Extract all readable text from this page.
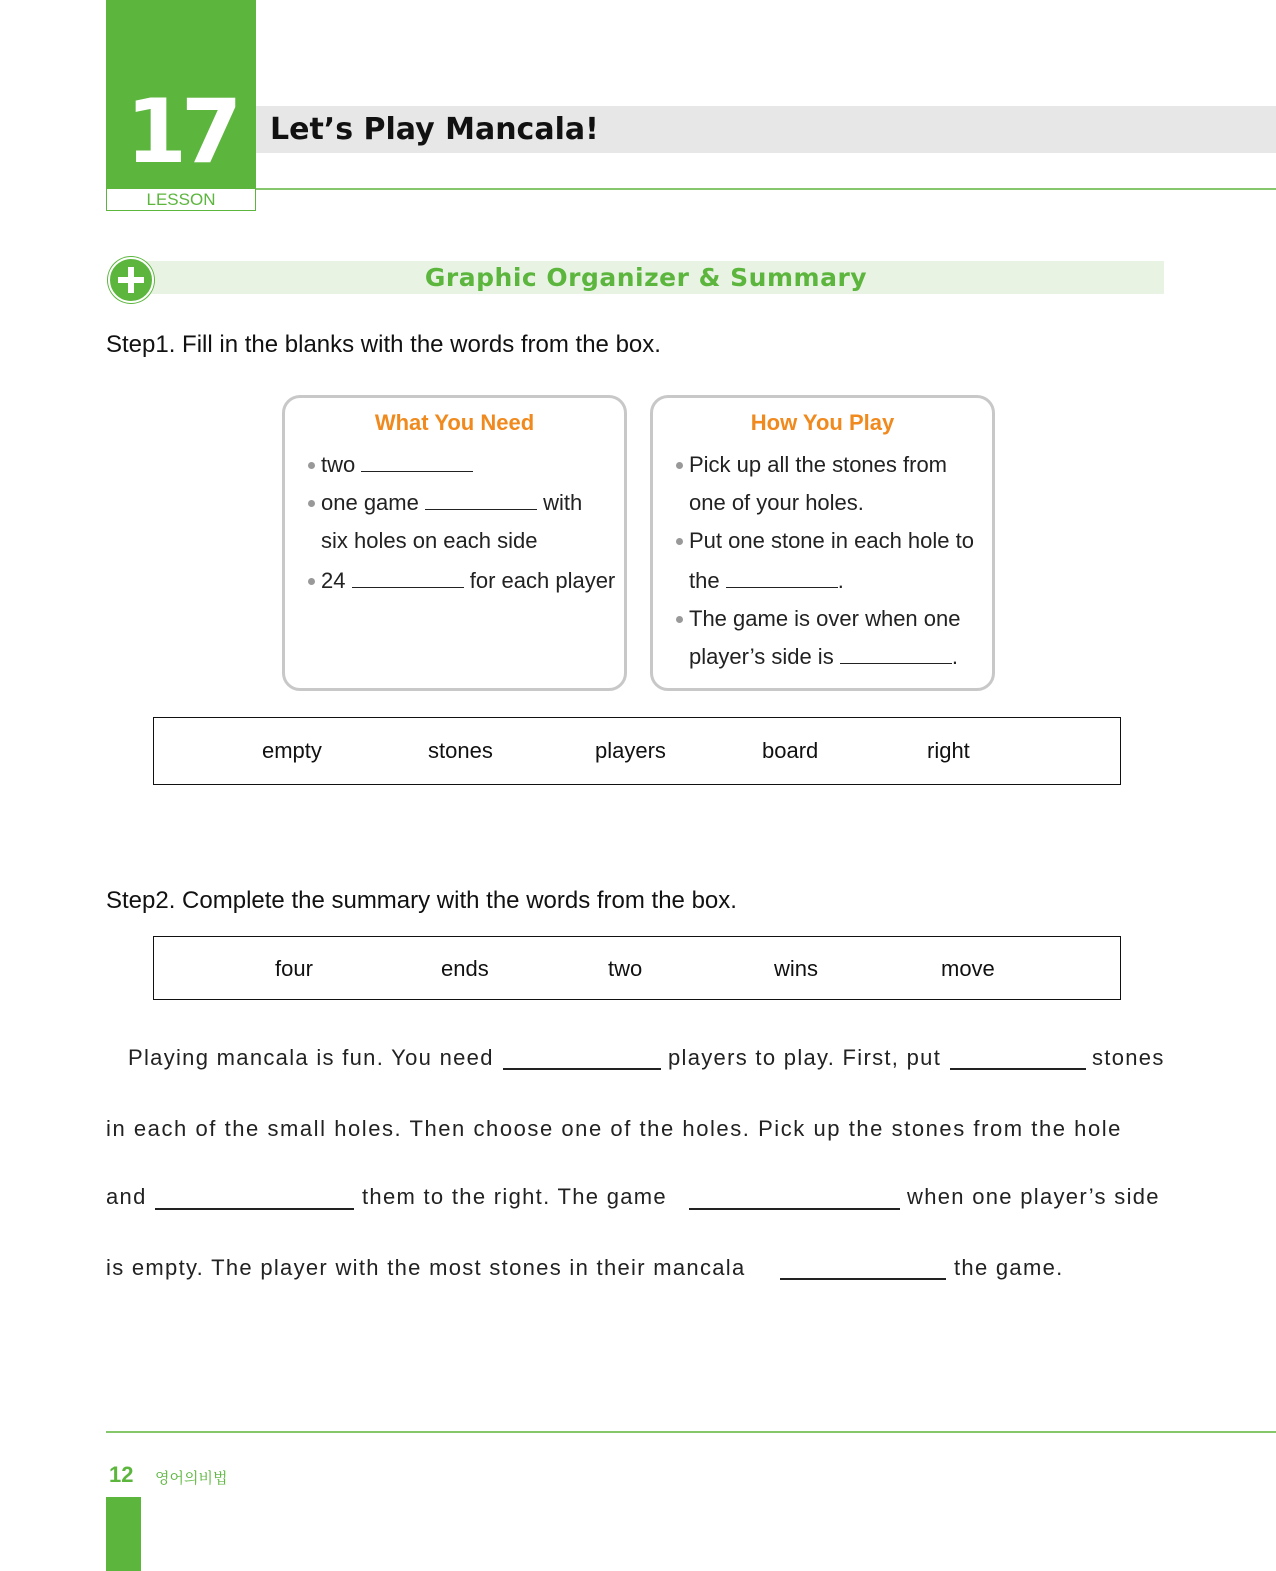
17
LESSON
Let’s Play Mancala!
Graphic Organizer & Summary
Step1. Fill in the blanks with the words from the box.
What You Need
two
one game	with
six holes on each side
24	for each player
How You Play
Pick up all the stones from
one of your holes.
Put one stone in each hole to
the	.
The game is over when one
player’s side is	.
empty	stones	players	board	right
Step2. Complete the summary with the words from the box.
four	ends	two	wins	move
Playing mancala is fun. You need	players to play. First, put	stones
in each of the small holes. Then choose one of the holes. Pick up the stones from the hole
and	them to the right. The game	when one player’s side
is empty. The player with the most stones in their mancala	the game.
12 영어의비법
